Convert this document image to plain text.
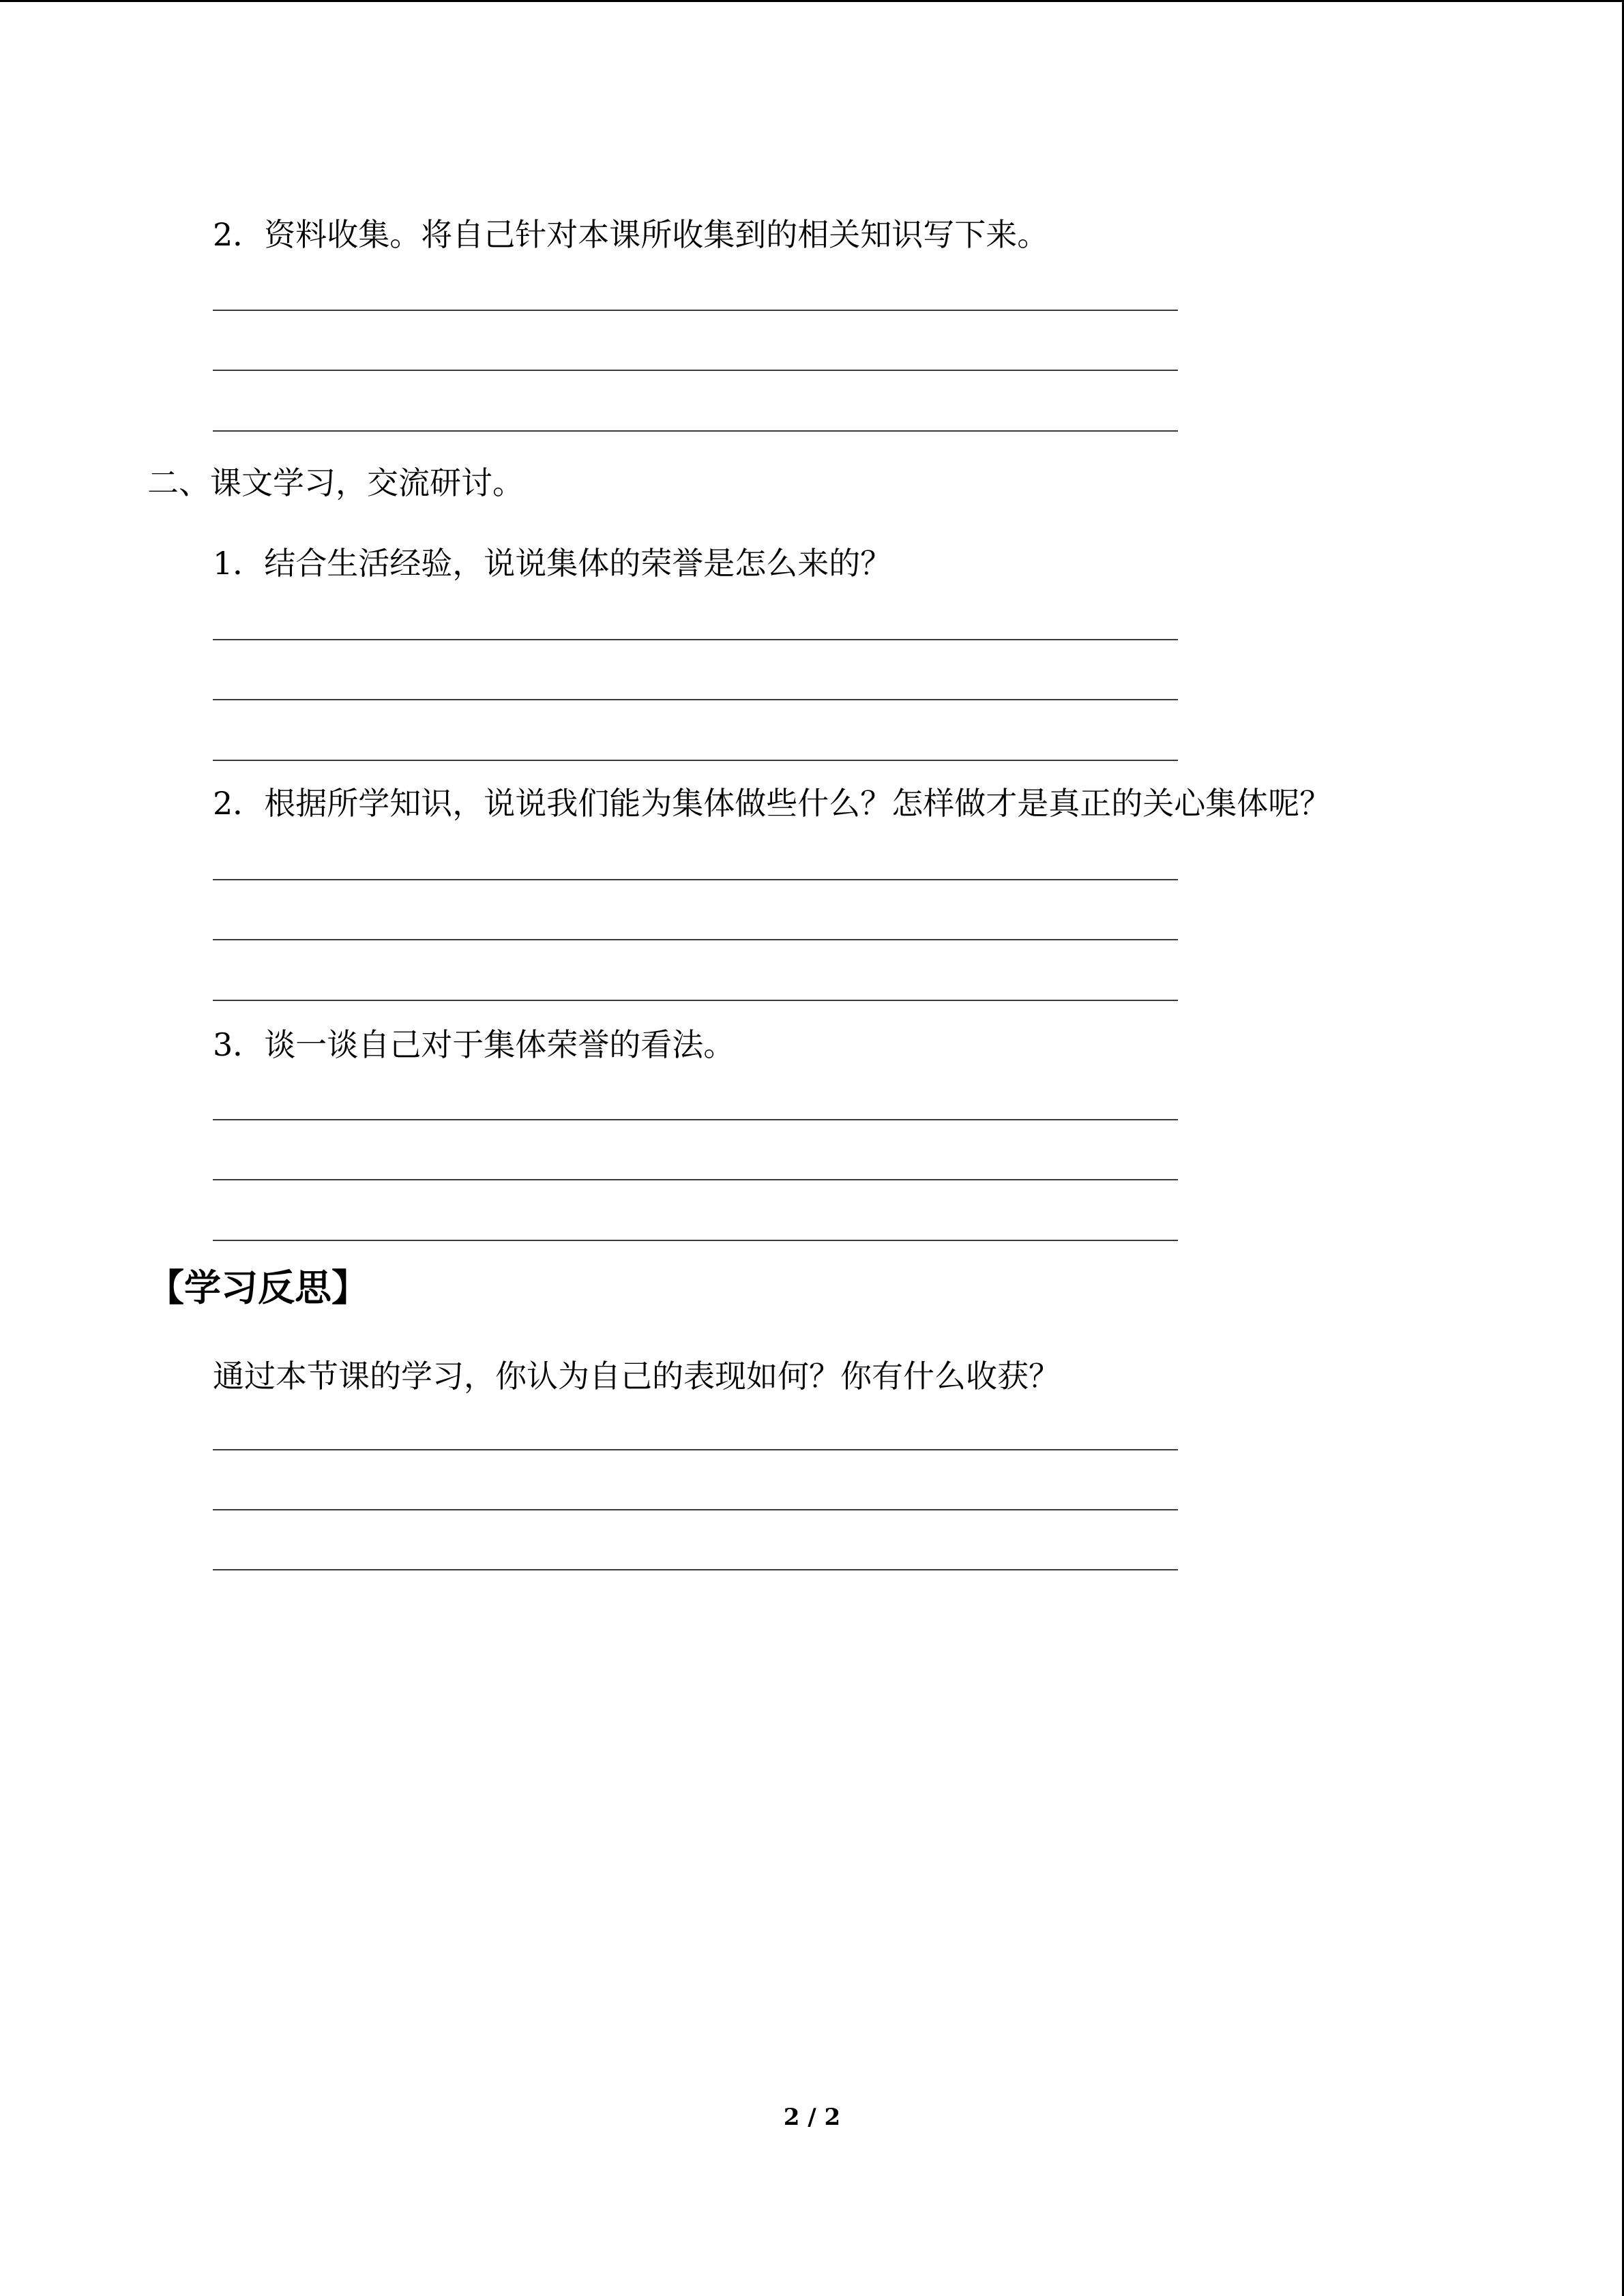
2．资料收集。将自己针对本课所收集到的相关知识写下来。
二、课文学习，交流研讨。
1．结合生活经验，说说集体的荣誉是怎么来的？
2．根据所学知识，说说我们能为集体做些什么？怎样做才是真正的关心集体呢？
3．谈一谈自己对于集体荣誉的看法。
【学习反思】
通过本节课的学习，你认为自己的表现如何？你有什么收获？
2 / 2
